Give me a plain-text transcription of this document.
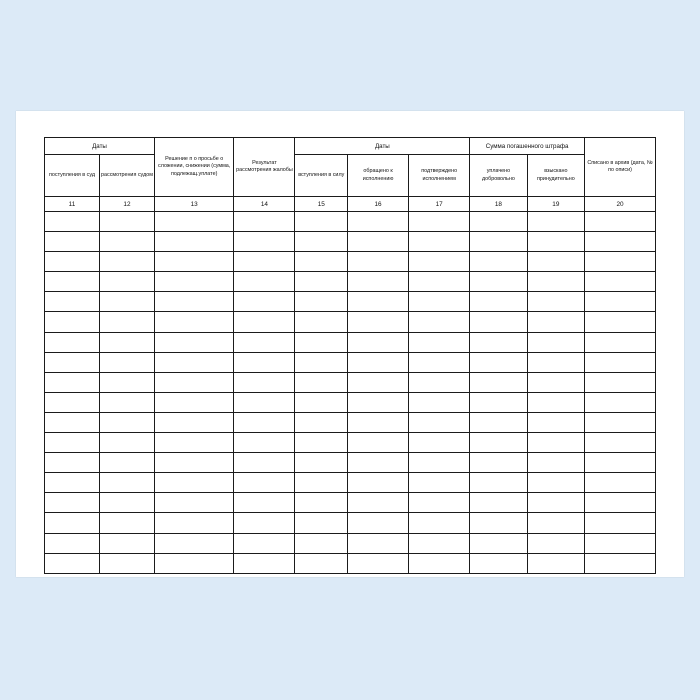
Даты		Решение п о просьбе о сложении, снижении (сумма, подлежащ.уплате)	Результат рассмотрения жалобы	Даты			Сумма погашенного штрафа		Списано в архив (дата, № по описи)
поступления в суд	рассмотрения судом			вступления в силу	обращено к исполнению	подтверждено исполнением	уплачено добровольно	взыскано принудительно	
11	12	13	14	15	16	17	18	19	20
